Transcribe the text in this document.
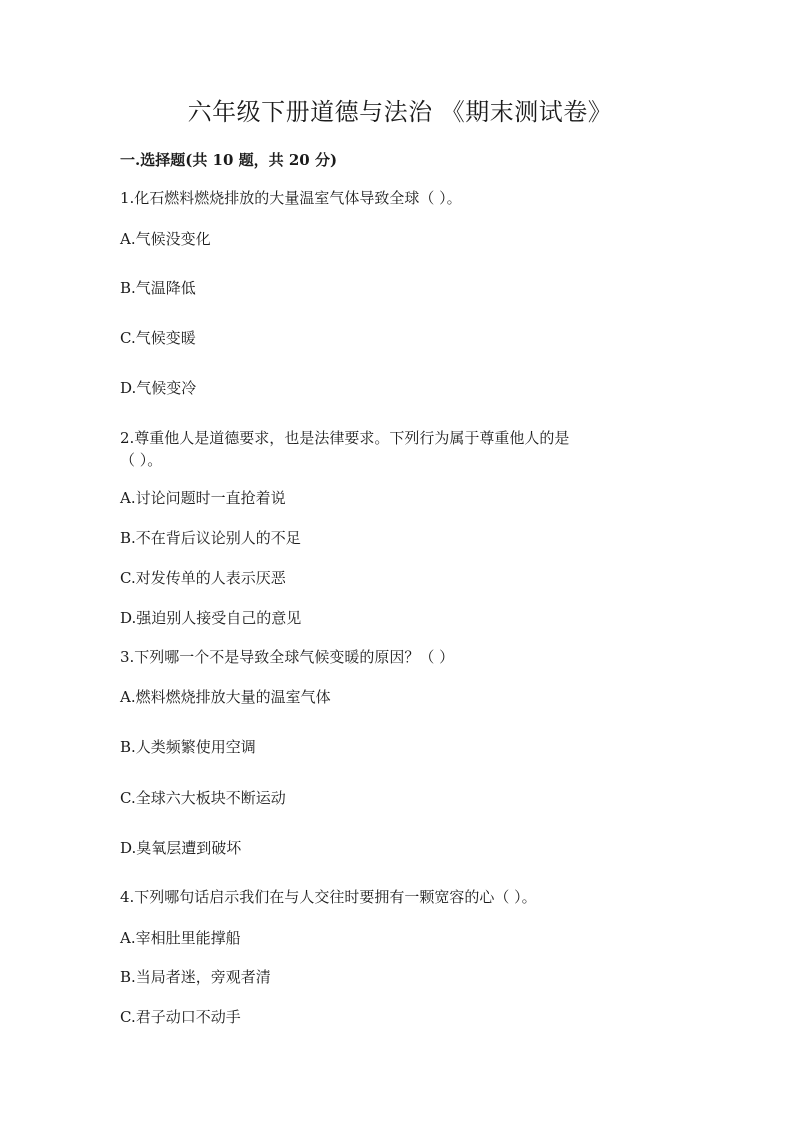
六年级下册道德与法治 《期末测试卷》
一.选择题(共 10 题，共 20 分)
1.化石燃料燃烧排放的大量温室气体导致全球（ ）。
A.气候没变化
B.气温降低
C.气候变暖
D.气候变冷
2.尊重他人是道德要求，也是法律要求。下列行为属于尊重他人的是
（ ）。
A.讨论问题时一直抢着说
B.不在背后议论别人的不足
C.对发传单的人表示厌恶
D.强迫别人接受自己的意见
3.下列哪一个不是导致全球气候变暖的原因？（ ）
A.燃料燃烧排放大量的温室气体
B.人类频繁使用空调
C.全球六大板块不断运动
D.臭氧层遭到破坏
4.下列哪句话启示我们在与人交往时要拥有一颗宽容的心（ ）。
A.宰相肚里能撑船
B.当局者迷，旁观者清
C.君子动口不动手
